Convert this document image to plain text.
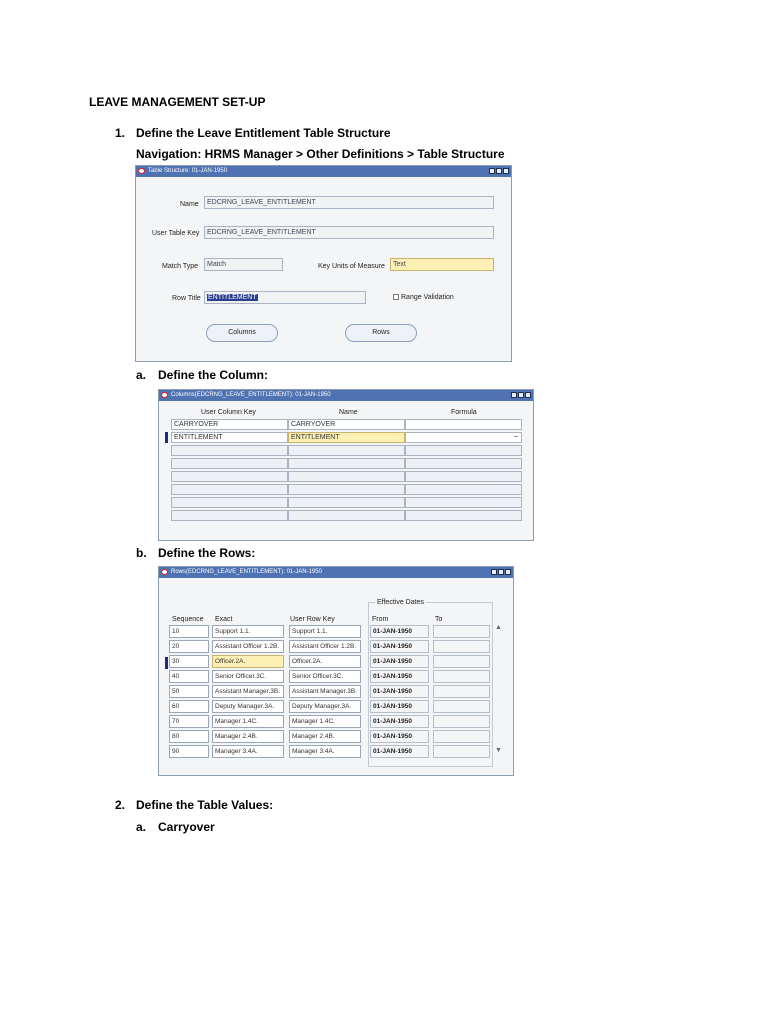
LEAVE MANAGEMENT SET-UP
1. Define the Leave Entitlement Table Structure
Navigation: HRMS Manager > Other Definitions > Table Structure
Table Structure: 01-JAN-1950
Name	EDCRNG_LEAVE_ENTITLEMENT
User Table Key	EDCRNG_LEAVE_ENTITLEMENT
Match Type	Match	Key Units of Measure	Text
Row Title	ENTITLEMENT	Range Validation
Columns	Rows
a. Define the Column:
Columns(EDCRNG_LEAVE_ENTITLEMENT): 01-JAN-1950
User Column Key	Name	Formula
CARRYOVER	CARRYOVER
ENTITLEMENT	ENTITLEMENT	..
b. Define the Rows:
Rows(EDCRNG_LEAVE_ENTITLEMENT): 01-JAN-1950
Effective Dates
Sequence Exact	User Row Key	From	To
10	Support 1.1.	Support 1.1.	01-JAN-1950
20	Assistant Officer 1.2B.	Assistant Officer 1.2B.	01-JAN-1950
30	Officer.2A.	Officer.2A.	01-JAN-1950
40	Senior Officer.3C.	Senior Officer.3C.	01-JAN-1950
50	Assistant Manager.3B.	Assistant Manager.3B.	01-JAN-1950
60	Deputy Manager.3A.	Deputy Manager.3A.	01-JAN-1950
70	Manager 1.4C.	Manager 1.4C.	01-JAN-1950
80	Manager 2.4B.	Manager 2.4B.	01-JAN-1950
90	Manager 3.4A.	Manager 3.4A.	01-JAN-1950
▲
▼
2. Define the Table Values:
a. Carryover
